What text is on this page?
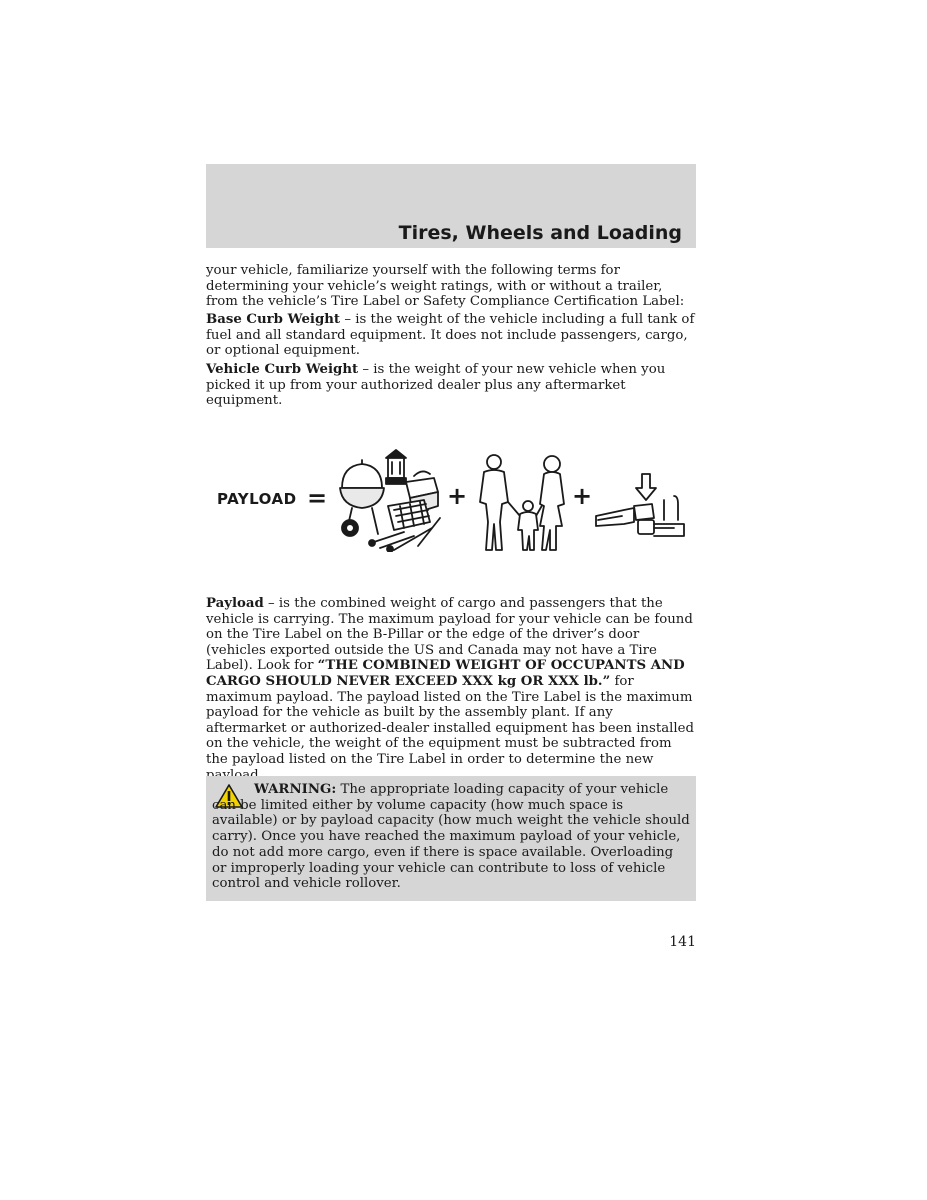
Tires, Wheels and Loading

your vehicle, familiarize yourself with the following terms for determining your vehicle’s weight ratings, with or without a trailer, from the vehicle’s Tire Label or Safety Compliance Certification Label:

Base Curb Weight – is the weight of the vehicle including a full tank of fuel and all standard equipment. It does not include passengers, cargo, or optional equipment.

Vehicle Curb Weight – is the weight of your new vehicle when you picked it up from your authorized dealer plus any aftermarket equipment.

PAYLOAD =	+	+

Payload – is the combined weight of cargo and passengers that the vehicle is carrying. The maximum payload for your vehicle can be found on the Tire Label on the B-Pillar or the edge of the driver’s door (vehicles exported outside the US and Canada may not have a Tire Label). Look for “THE COMBINED WEIGHT OF OCCUPANTS AND CARGO SHOULD NEVER EXCEED XXX kg OR XXX lb.” for maximum payload. The payload listed on the Tire Label is the maximum payload for the vehicle as built by the assembly plant. If any aftermarket or authorized-dealer installed equipment has been installed on the vehicle, the weight of the equipment must be subtracted from the payload listed on the Tire Label in order to determine the new

WARNING: The appropriate loading capacity of your vehicle can be limited either by volume capacity (how much space is available) or by payload capacity (how much weight the vehicle should carry). Once you have reached the maximum payload of your vehicle, do not add more cargo, even if there is space available. Overloading or improperly loading your vehicle can contribute to loss of vehicle control and vehicle rollover.

141
